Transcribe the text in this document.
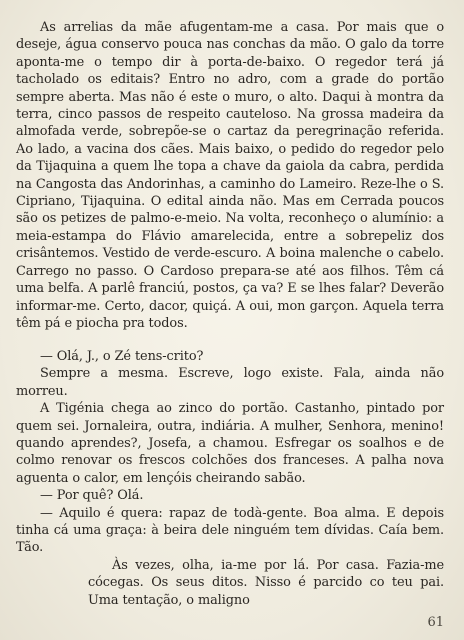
As arrelias da mãe afugentam-me a casa. Por mais que o deseje, água conservo pouca nas conchas da mão. O galo da torre aponta-me o tempo dir à porta-de-baixo. O regedor terá já tacholado os editais? Entro no adro, com a grade do portão sempre aberta. Mas não é este o muro, o alto. Daqui à montra da terra, cinco passos de respeito cauteloso. Na grossa madeira da almofada verde, sobrepõe-se o cartaz da peregrinação referida. Ao lado, a vacina dos cães. Mais baixo, o pedido do regedor pelo da Tijaquina a quem lhe topa a chave da gaiola da cabra, perdida na Cangosta das Andorinhas, a caminho do Lameiro. Reze-lhe o S. Cipriano, Tijaquina. O edital ainda não. Mas em Cerrada poucos são os petizes de palmo-e-meio. Na volta, reconheço o alumínio: a meia-estampa do Flávio amarelecida, entre a sobrepeliz dos crisântemos. Vestido de verde-escuro. A boina malenche o cabelo. Carrego no passo. O Cardoso prepara-se até aos filhos. Têm cá uma belfa. A parlê franciú, postos, ça va? E se lhes falar? Deverão informar-me. Certo, dacor, quiçá. A oui, mon garçon. Aquela terra têm pá e piocha pra todos.

— Olá, J., o Zé tens-crito?

Sempre a mesma. Escreve, logo existe. Fala, ainda não morreu.

A Tigénia chega ao zinco do portão. Castanho, pintado por quem sei. Jornaleira, outra, indiária. A mulher, Senhora, menino! quando aprendes?, Josefa, a chamou. Esfregar os soalhos e de colmo renovar os frescos colchões dos franceses. A palha nova aguenta o calor, em lençóis cheirando sabão.

— Por quê? Olá.

— Aquilo é quera: rapaz de todà-gente. Boa alma. E depois tinha cá uma graça: à beira dele ninguém tem dívidas. Caía bem. Tão.

Às vezes, olha, ia-me por lá. Por casa. Fazia-me cócegas. Os seus ditos. Nisso é parcido co teu pai. Uma tentação, o maligno

61
